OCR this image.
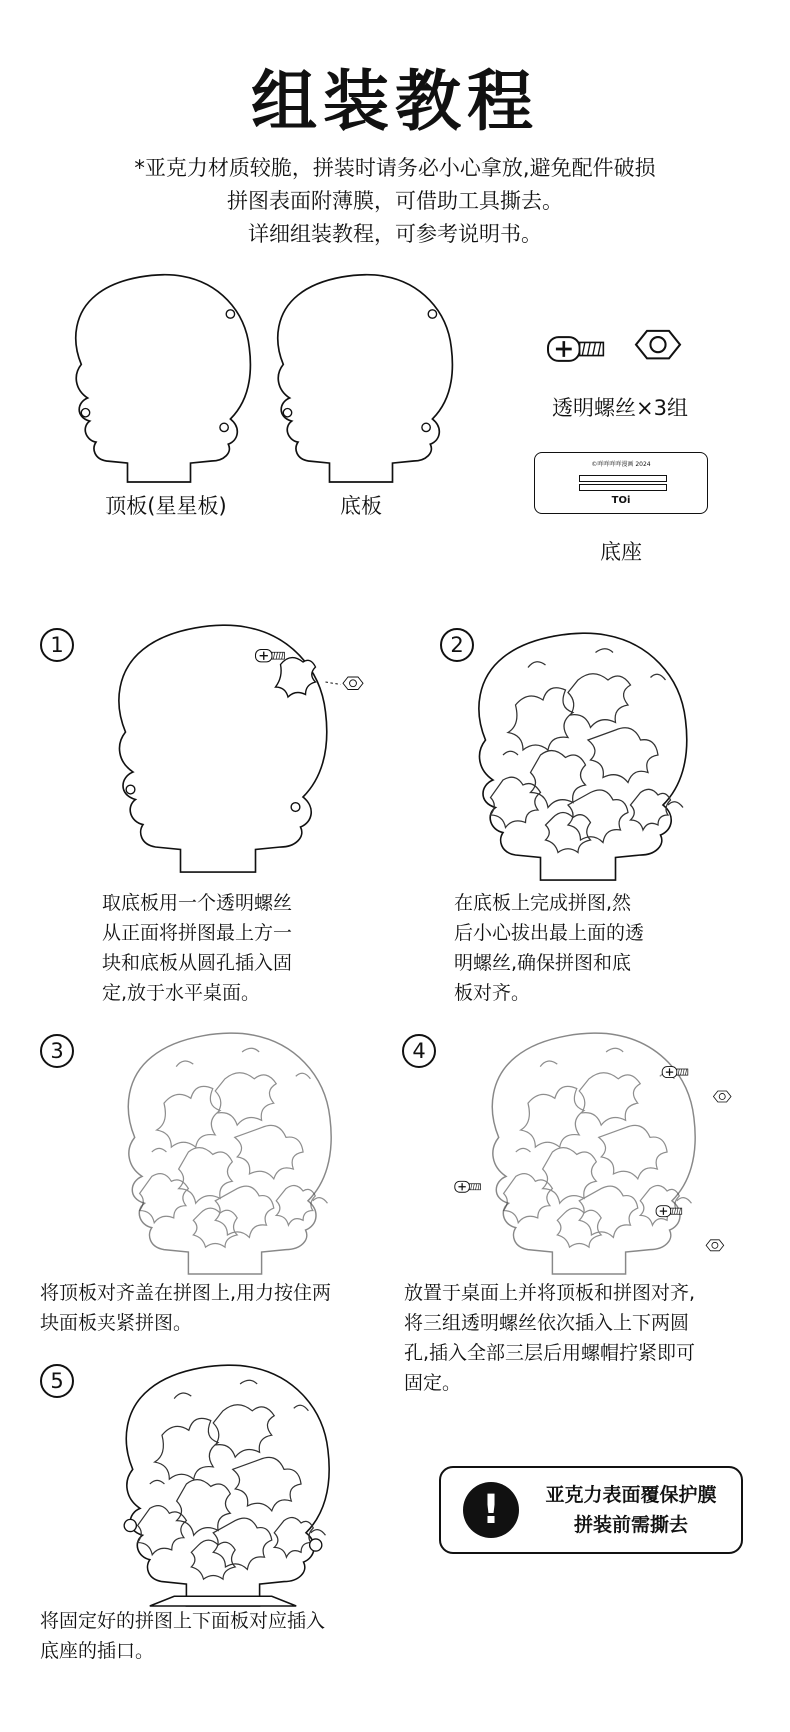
组装教程
*亚克力材质较脆，拼装时请务必小心拿放,避免配件破损
拼图表面附薄膜，可借助工具撕去。
详细组装教程，可参考说明书。
顶板(星星板)	底板
透明螺丝×3组
©咩咩咩咩漫画 2024
TOi
底座
1
取底板用一个透明螺丝
从正面将拼图最上方一
块和底板从圆孔插入固
定,放于水平桌面。
2
在底板上完成拼图,然
后小心拔出最上面的透
明螺丝,确保拼图和底
板对齐。
3
将顶板对齐盖在拼图上,用力按住两
块面板夹紧拼图。
4
放置于桌面上并将顶板和拼图对齐,
将三组透明螺丝依次插入上下两圆
孔,插入全部三层后用螺帽拧紧即可
固定。
5
将固定好的拼图上下面板对应插入
底座的插口。
!	亚克力表面覆保护膜
拼装前需撕去
